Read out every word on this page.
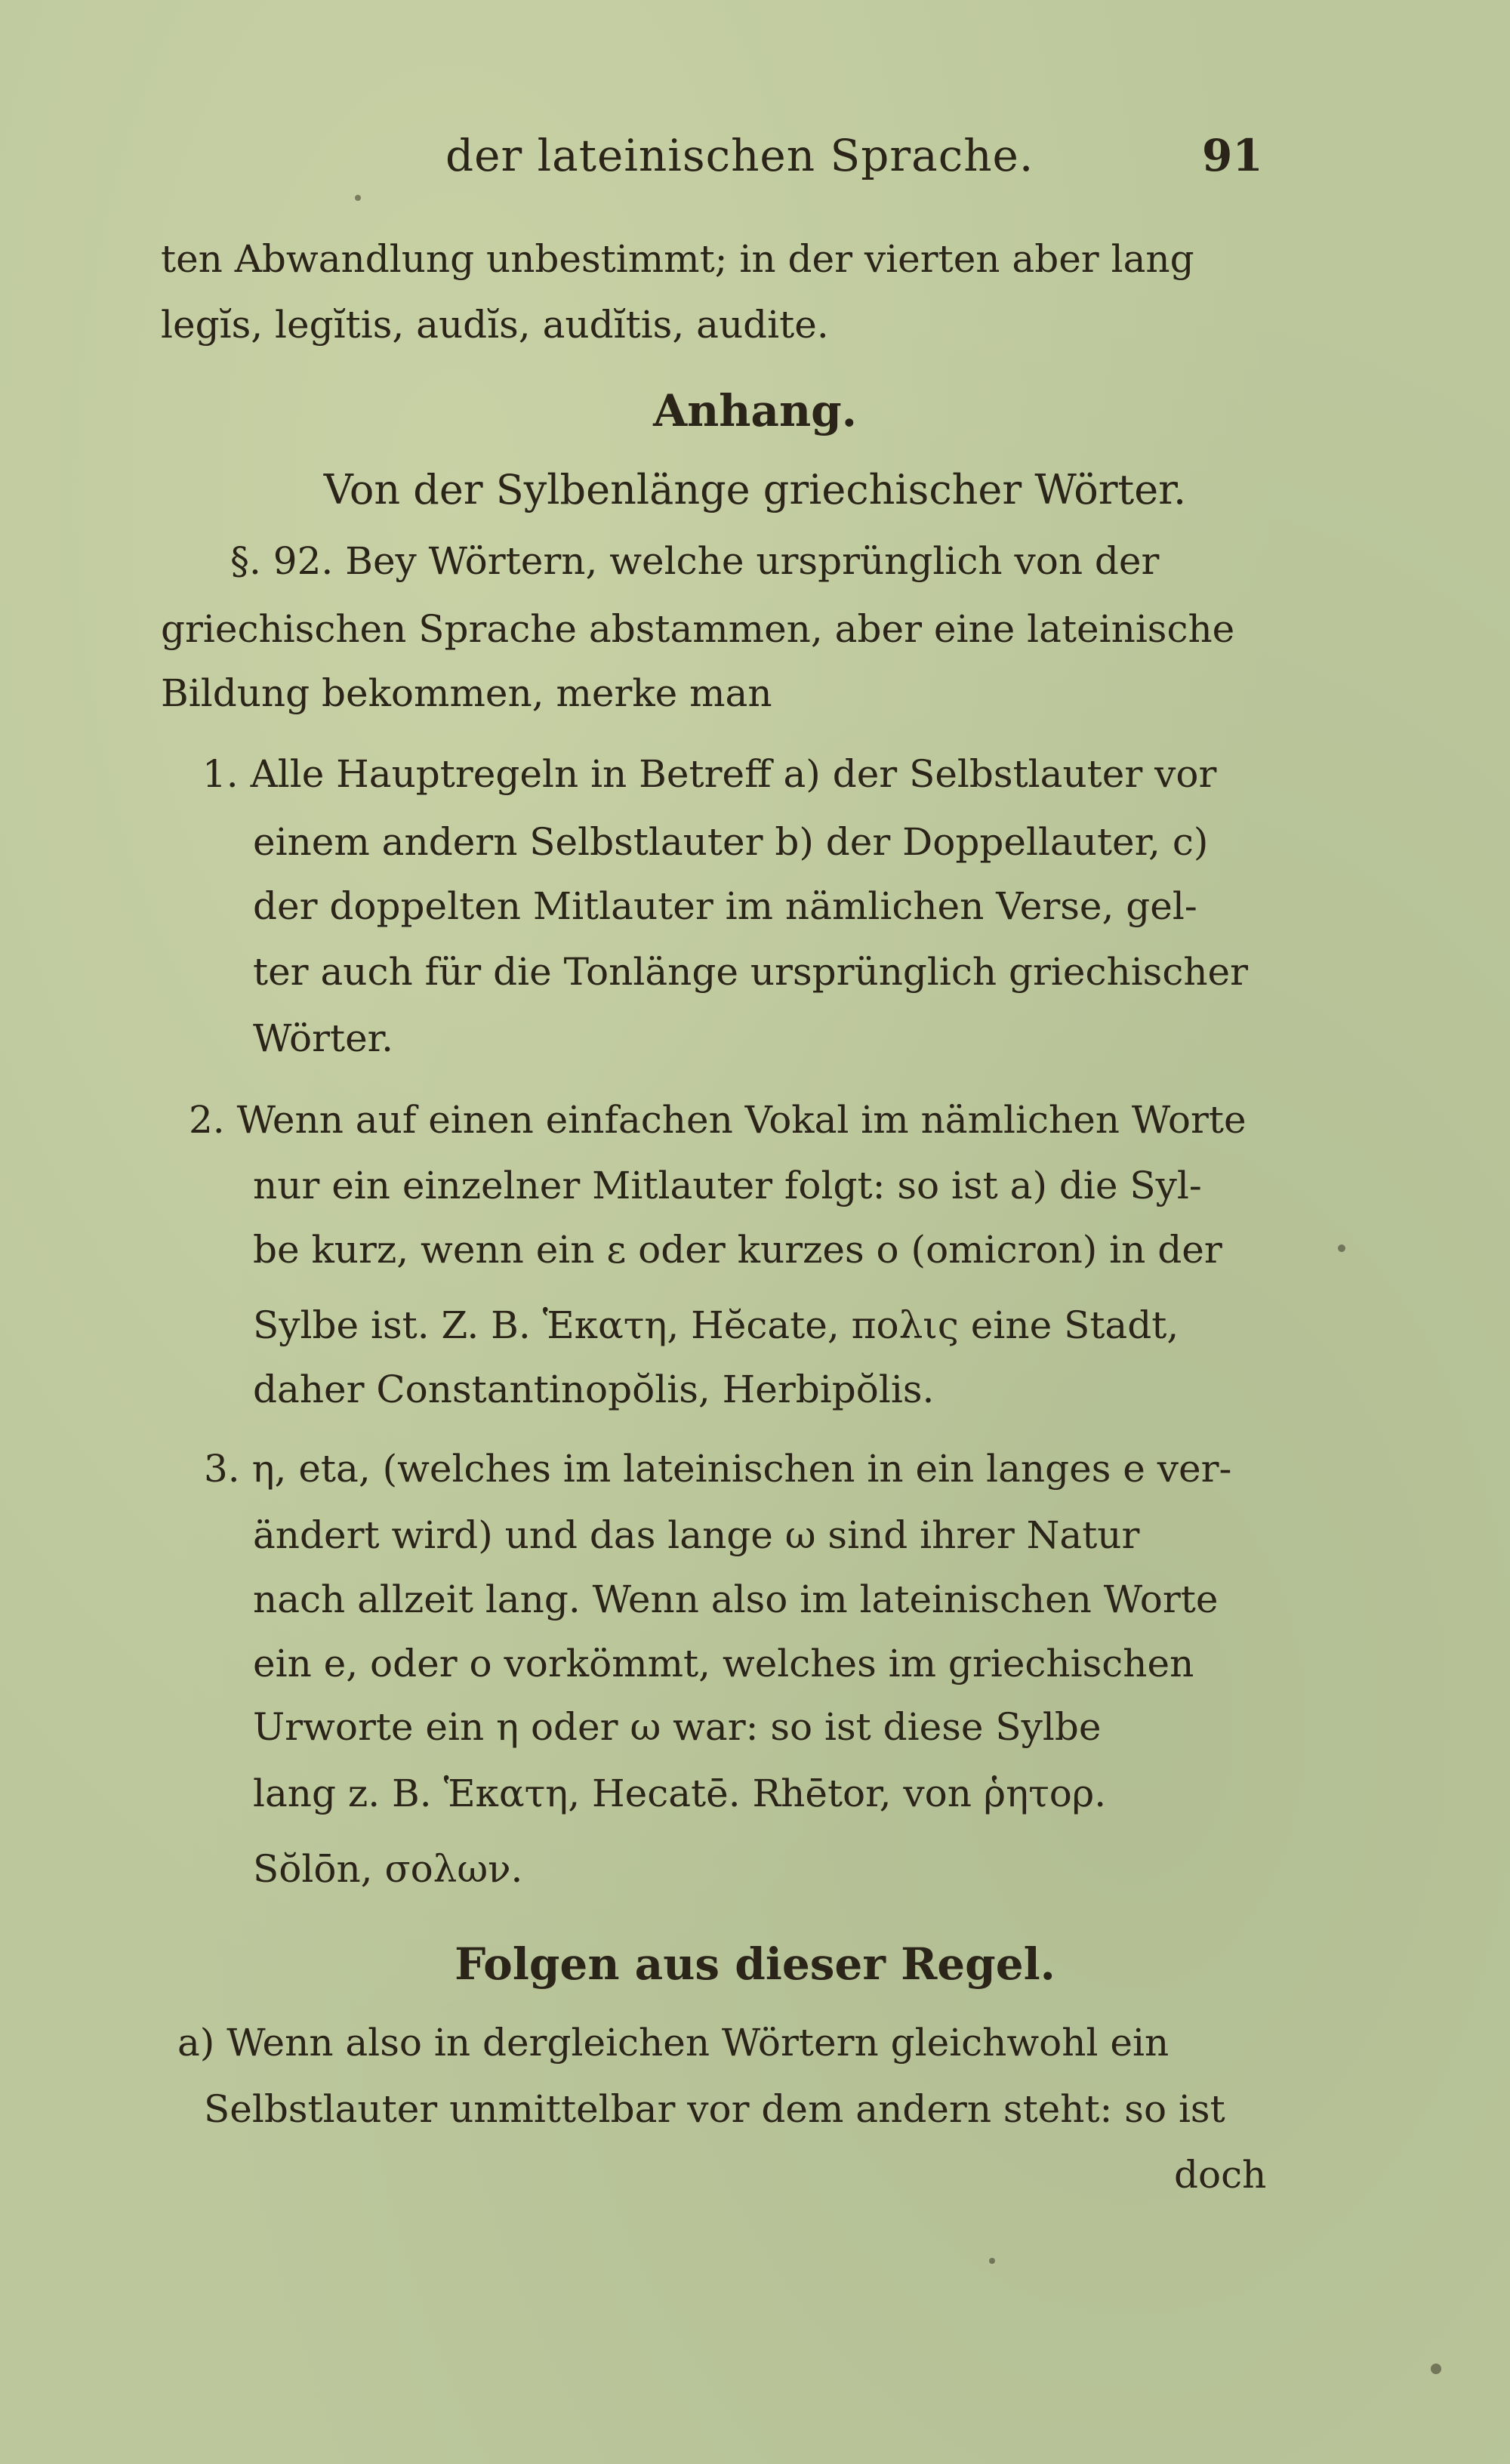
der lateinischen Sprache.	91
ten Abwandlung unbestimmt; in der vierten aber lang
legĭs, legĭtis, audĭs, audĭtis, audite.
Anhang.
Von der Sylbenlänge griechischer Wörter.
§. 92. Bey Wörtern, welche ursprünglich von der
griechischen Sprache abstammen, aber eine lateinische
Bildung bekommen, merke man
1. Alle Hauptregeln in Betreff a) der Selbstlauter vor
einem andern Selbstlauter b) der Doppellauter, c)
der doppelten Mitlauter im nämlichen Verse, gel-
ter auch für die Tonlänge ursprünglich griechischer
Wörter.
2. Wenn auf einen einfachen Vokal im nämlichen Worte
nur ein einzelner Mitlauter folgt: so ist a) die Syl-
be kurz, wenn ein ε oder kurzes o (omicron) in der
Sylbe ist. Z. B. Ἑκατη, Hĕcate, πολις eine Stadt,
daher Constantinopŏlis, Herbipŏlis.
3. η, eta, (welches im lateinischen in ein langes e ver-
ändert wird) und das lange ω sind ihrer Natur
nach allzeit lang. Wenn also im lateinischen Worte
ein e, oder o vorkömmt, welches im griechischen
Urworte ein η oder ω war: so ist diese Sylbe
lang z. B. Ἑκατη, Hecatē. Rhētor, von ῥητορ.
Sŏlōn, σολων.
Folgen aus dieser Regel.
a) Wenn also in dergleichen Wörtern gleichwohl ein
Selbstlauter unmittelbar vor dem andern steht: so ist
doch
